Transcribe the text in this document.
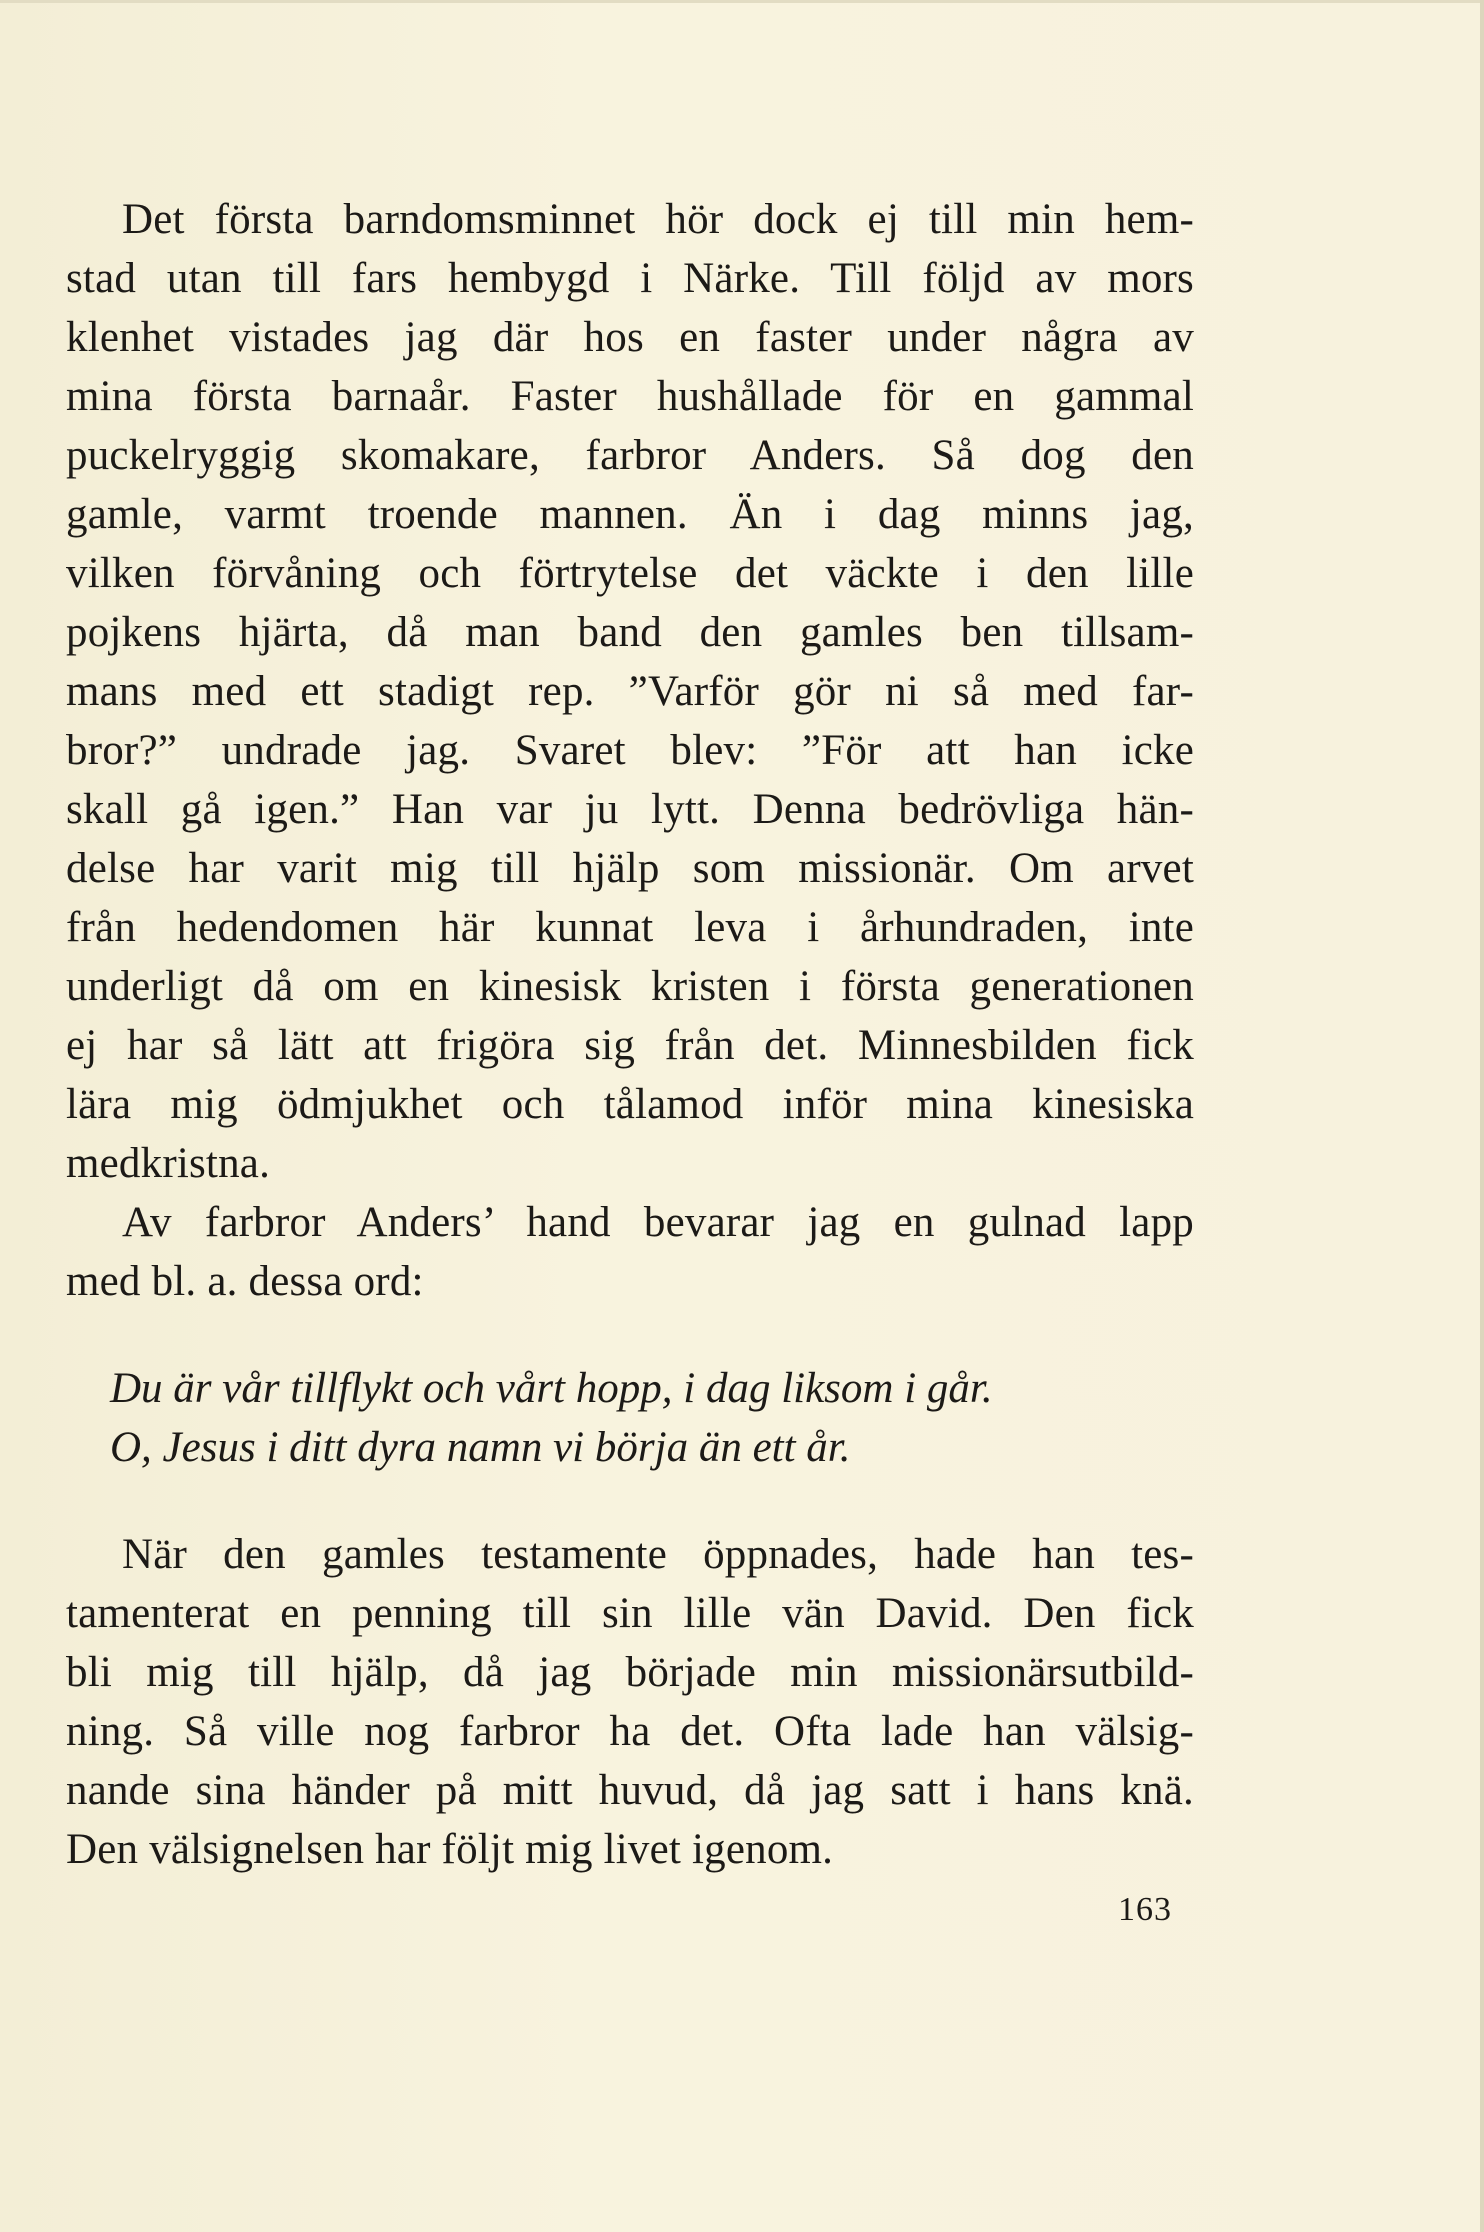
Det första barndomsminnet hör dock ej till min hem-
stad utan till fars hembygd i Närke. Till följd av mors
klenhet vistades jag där hos en faster under några av
mina första barnaår. Faster hushållade för en gammal
puckelryggig skomakare, farbror Anders. Så dog den
gamle, varmt troende mannen. Än i dag minns jag,
vilken förvåning och förtrytelse det väckte i den lille
pojkens hjärta, då man band den gamles ben tillsam-
mans med ett stadigt rep. ”Varför gör ni så med far-
bror?” undrade jag. Svaret blev: ”För att han icke
skall gå igen.” Han var ju lytt. Denna bedrövliga hän-
delse har varit mig till hjälp som missionär. Om arvet
från hedendomen här kunnat leva i århundraden, inte
underligt då om en kinesisk kristen i första generationen
ej har så lätt att frigöra sig från det. Minnesbilden fick
lära mig ödmjukhet och tålamod inför mina kinesiska
medkristna.

Av farbror Anders’ hand bevarar jag en gulnad lapp
med bl. a. dessa ord:

Du är vår tillflykt och vårt hopp, i dag liksom i går.
O, Jesus i ditt dyra namn vi börja än ett år.

När den gamles testamente öppnades, hade han tes-
tamenterat en penning till sin lille vän David. Den fick
bli mig till hjälp, då jag började min missionärsutbild-
ning. Så ville nog farbror ha det. Ofta lade han välsig-
nande sina händer på mitt huvud, då jag satt i hans knä.
Den välsignelsen har följt mig livet igenom.

163
